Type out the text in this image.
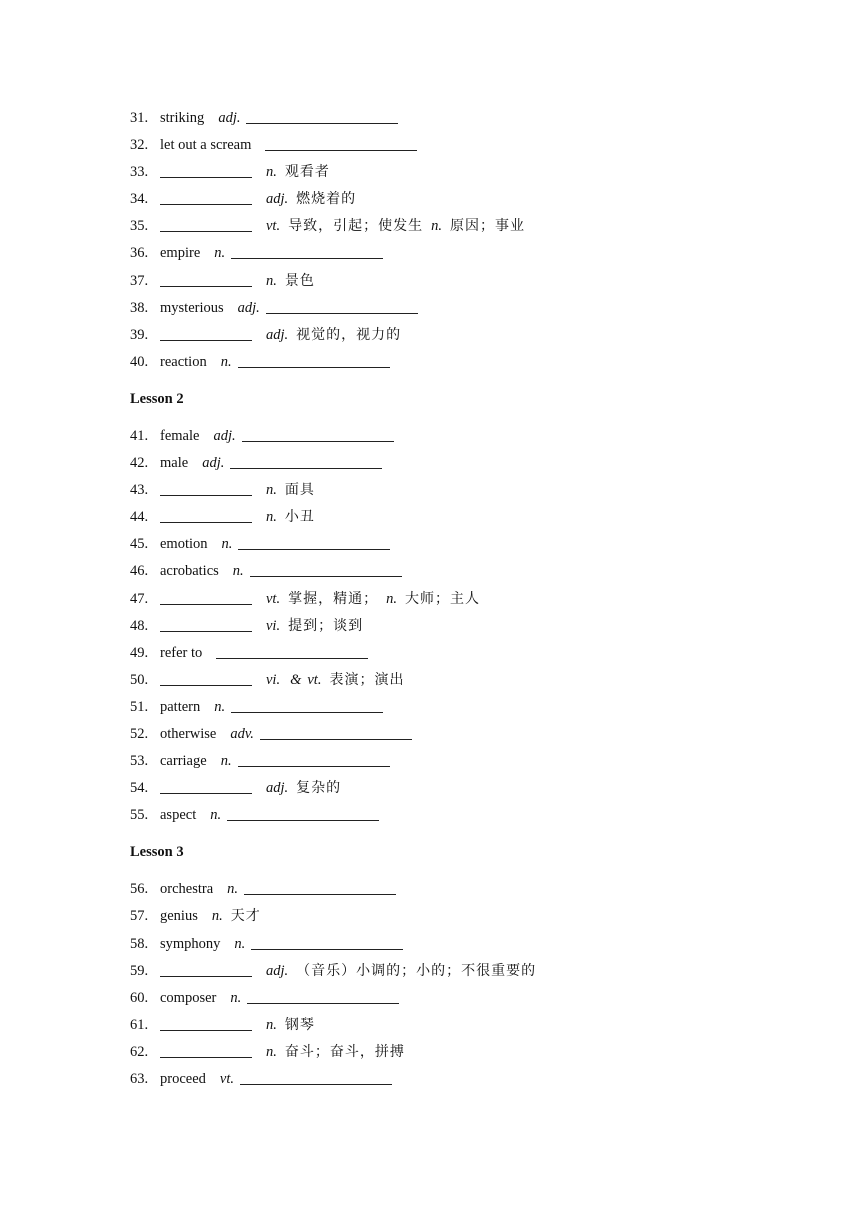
31. striking adj.
32. let out a scream
33.	n. 观看者
34.	adj. 燃烧着的
35.	vt. 导致，引起；使发生 n. 原因；事业
36. empire n.
37.	n. 景色
38. mysterious adj.
39.	adj. 视觉的，视力的
40. reaction n.
Lesson 2
41. female adj.
42. male adj.
43.	n. 面具
44.	n. 小丑
45. emotion n.
46. acrobatics n.
47.	vt. 掌握，精通； n. 大师；主人
48.	vi. 提到；谈到
49. refer to
50.	vi. & vt. 表演；演出
51. pattern n.
52. otherwise adv.
53. carriage n.
54.	adj. 复杂的
55. aspect n.
Lesson 3
56. orchestra n.
57. genius n. 天才
58. symphony n.
59.	adj. （音乐）小调的；小的；不很重要的
60. composer n.
61.	n. 钢琴
62.	n. 奋斗；奋斗，拼搏
63. proceed vt.
